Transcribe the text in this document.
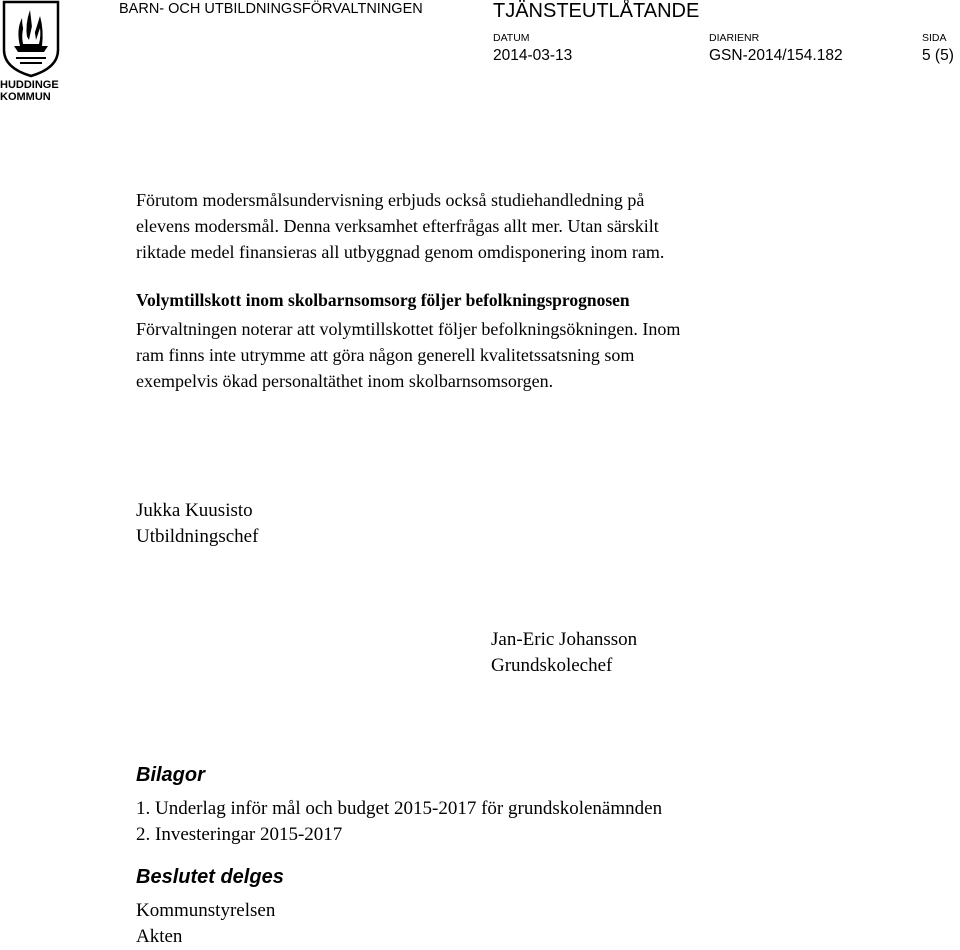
HUDDINGE
KOMMUN
BARN- OCH UTBILDNINGSFÖRVALTNINGEN	TJÄNSTEUTLÅTANDE
DATUM
2014-03-13
DIARIENR
GSN-2014/154.182
SIDA
5 (5)
Förutom modersmålsundervisning erbjuds också studiehandledning på
elevens modersmål. Denna verksamhet efterfrågas allt mer. Utan särskilt
riktade medel finansieras all utbyggnad genom omdisponering inom ram.
Volymtillskott inom skolbarnsomsorg följer befolkningsprognosen
Förvaltningen noterar att volymtillskottet följer befolkningsökningen. Inom
ram finns inte utrymme att göra någon generell kvalitetssatsning som
exempelvis ökad personaltäthet inom skolbarnsomsorgen.
Jukka Kuusisto
Utbildningschef
Jan-Eric Johansson
Grundskolechef
Bilagor
1. Underlag inför mål och budget 2015-2017 för grundskolenämnden
2. Investeringar 2015-2017
Beslutet delges
Kommunstyrelsen
Akten
